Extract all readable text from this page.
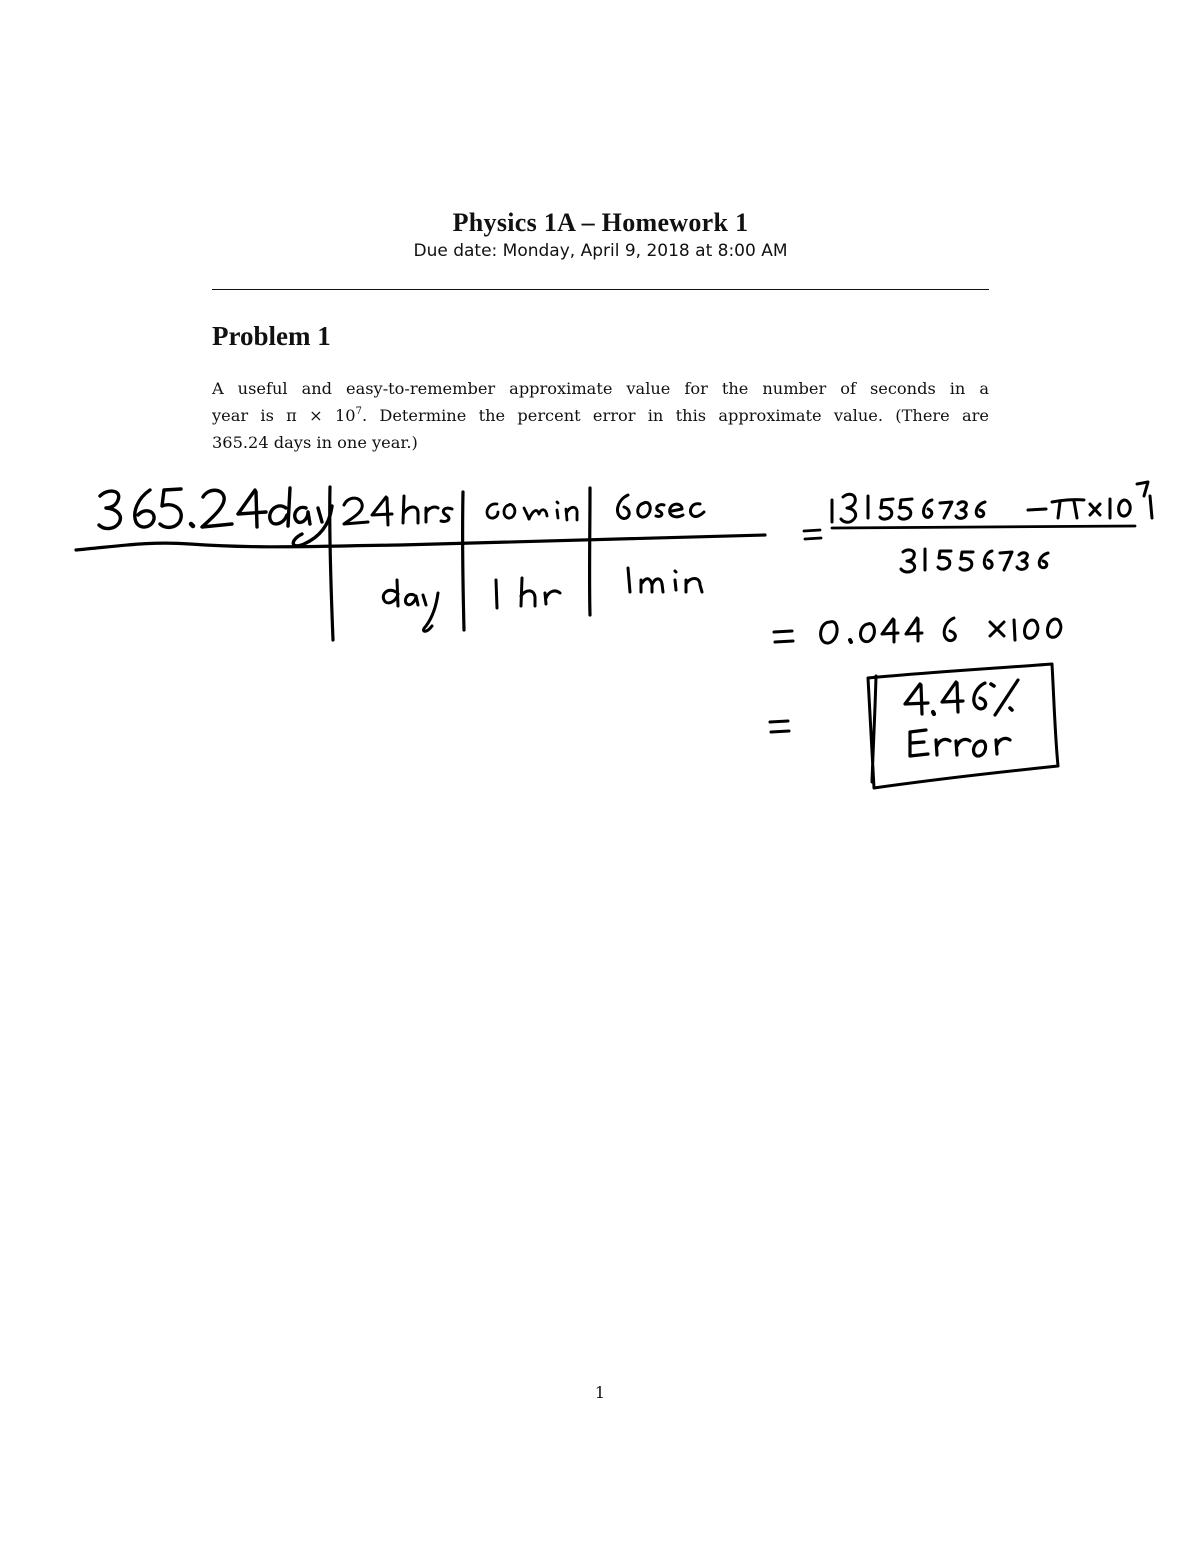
Physics 1A – Homework 1
Due date: Monday, April 9, 2018 at 8:00 AM
Problem 1

A useful and easy-to-remember approximate value for the number of seconds in a
year is $\pi \times 10^7$. Determine the percent error in this approximate value. (There are
365.24 days in one year.)

1
